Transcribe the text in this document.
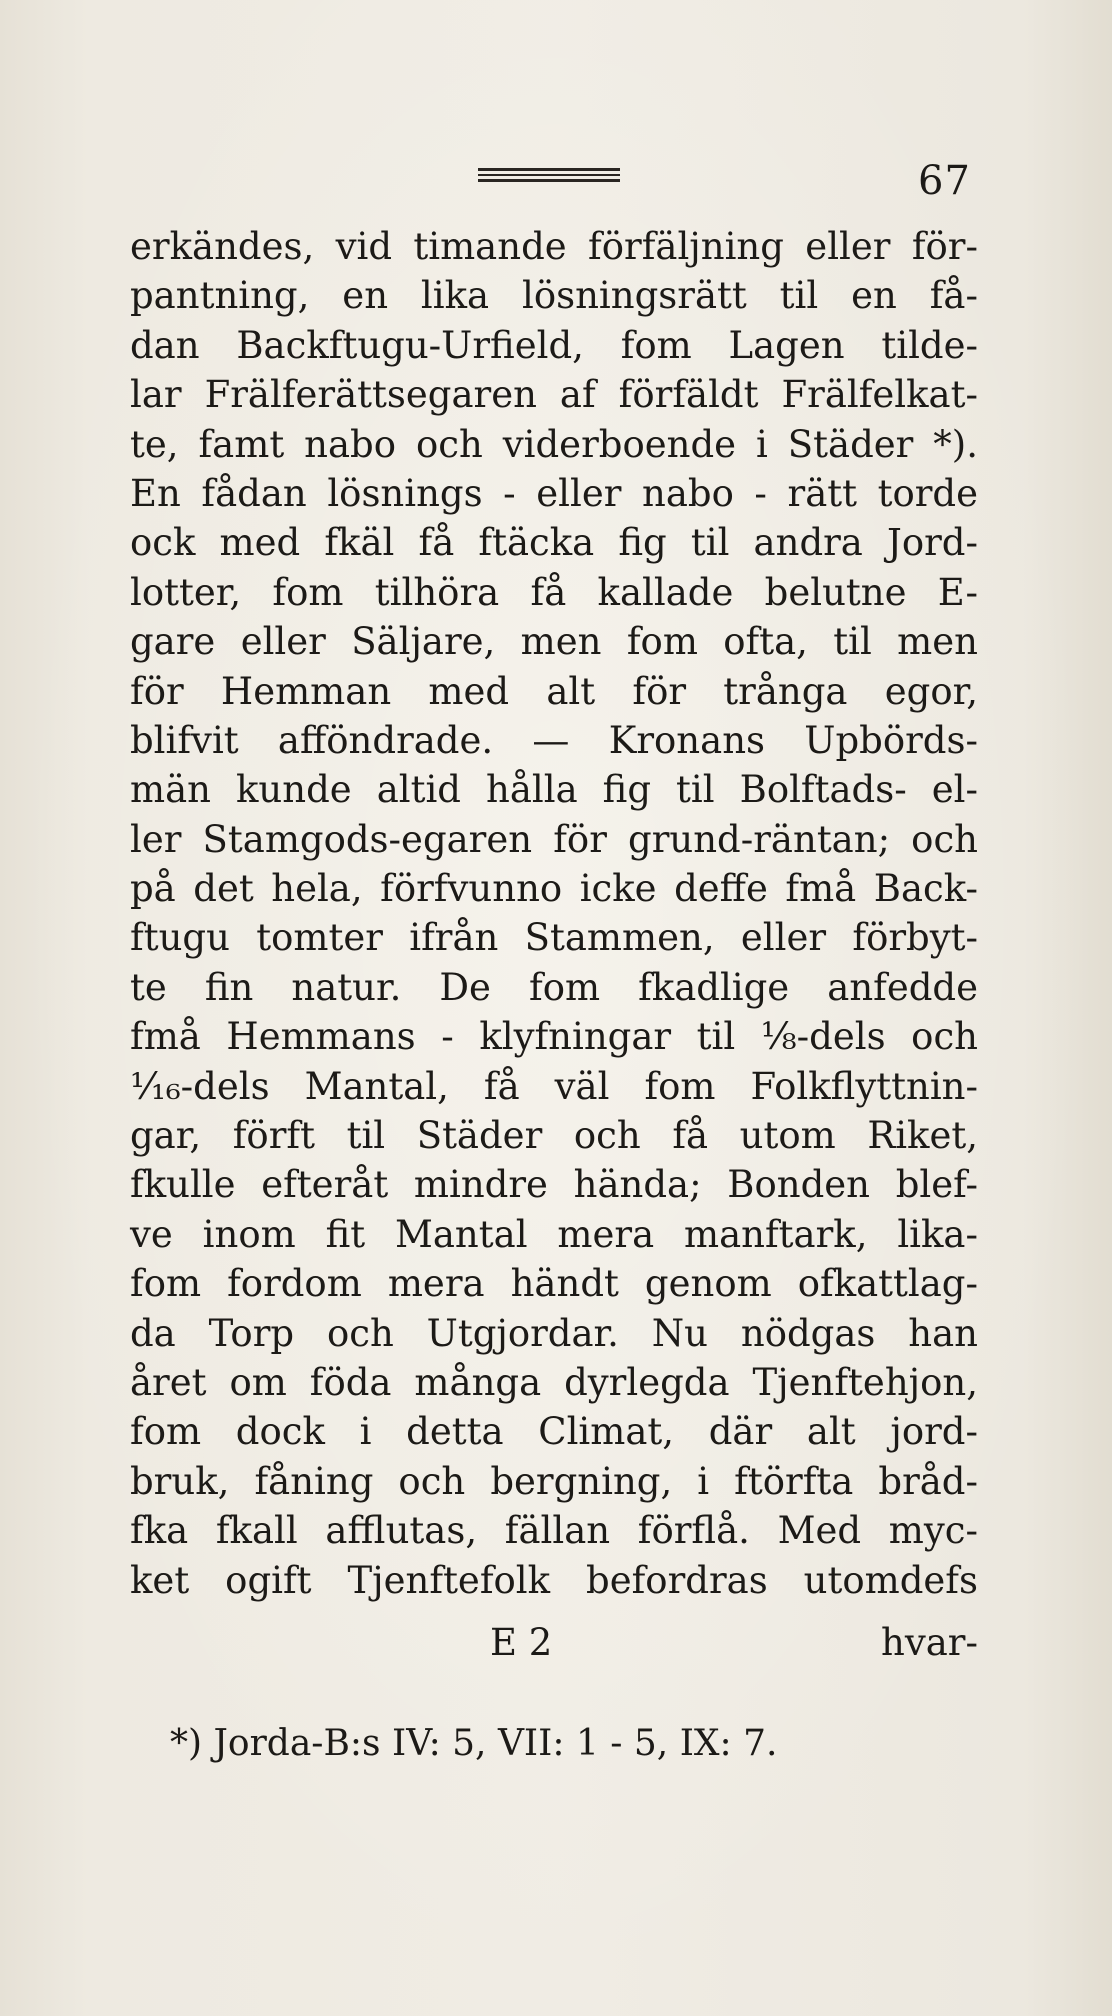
67
erkändes, vid timande förfäljning eller för-
pantning, en lika lösningsrätt til en få-
dan Backftugu-Urfield, fom Lagen tilde-
lar Frälferättsegaren af förfäldt Frälfelkat-
te, famt nabo och viderboende i Städer *).
En fådan lösnings - eller nabo - rätt torde
ock med fkäl få ftäcka fig til andra Jord-
lotter, fom tilhöra få kallade belutne E-
gare eller Säljare, men fom ofta, til men
för Hemman med alt för trånga egor,
blifvit afföndrade. — Kronans Upbörds-
män kunde altid hålla fig til Bolftads- el-
ler Stamgods-egaren för grund-räntan; och
på det hela, förfvunno icke deffe fmå Back-
ftugu tomter ifrån Stammen, eller förbyt-
te fin natur. De fom fkadlige anfedde
fmå Hemmans - klyfningar til ⅛-dels och
¹⁄₁₆-dels Mantal, få väl fom Folkflyttnin-
gar, förft til Städer och få utom Riket,
fkulle efteråt mindre hända; Bonden blef-
ve inom fit Mantal mera manftark, lika-
fom fordom mera händt genom ofkattlag-
da Torp och Utgjordar. Nu nödgas han
året om föda många dyrlegda Tjenftehjon,
fom dock i detta Climat, där alt jord-
bruk, fåning och bergning, i ftörfta bråd-
fka fkall afflutas, fällan förflå. Med myc-
ket ogift Tjenftefolk befordras utomdefs
E 2	hvar-
*) Jorda-B:s IV: 5, VII: 1 - 5, IX: 7.
